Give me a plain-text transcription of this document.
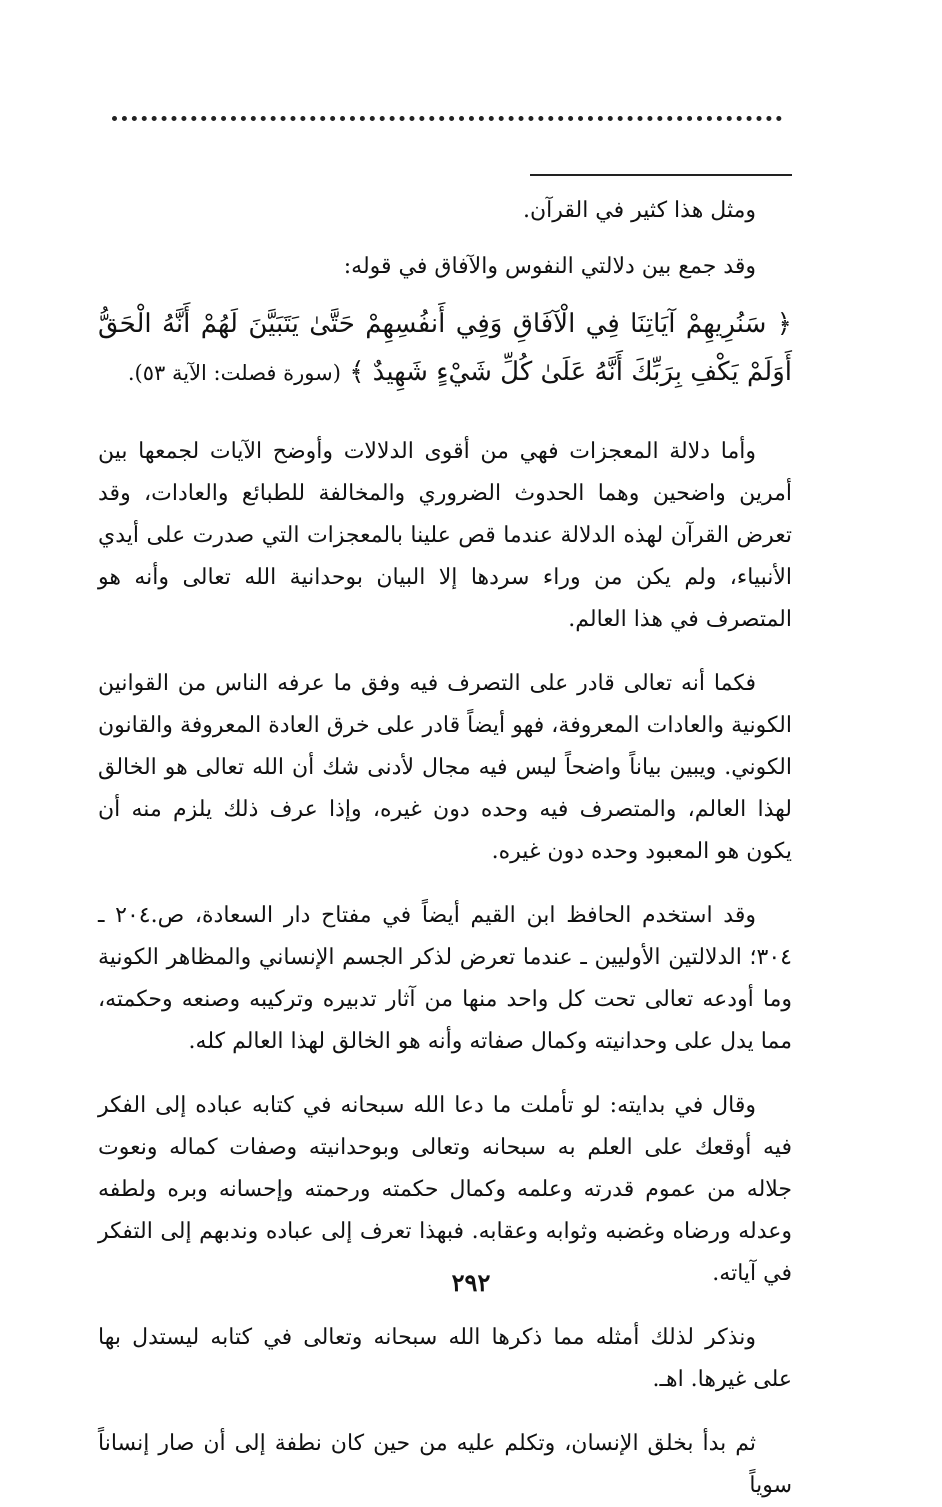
ومثل هذا كثير في القرآن.

وقد جمع بين دلالتي النفوس والآفاق في قوله:

﴿ سَنُرِيهِمْ آيَاتِنَا فِي الْآفَاقِ وَفِي أَنفُسِهِمْ حَتَّىٰ يَتَبَيَّنَ لَهُمْ أَنَّهُ الْحَقُّ أَوَلَمْ يَكْفِ بِرَبِّكَ أَنَّهُ عَلَىٰ كُلِّ شَيْءٍ شَهِيدٌ ﴾ (سورة فصلت: الآية ٥٣).

وأما دلالة المعجزات فهي من أقوى الدلالات وأوضح الآيات لجمعها بين أمرين واضحين وهما الحدوث الضروري والمخالفة للطبائع والعادات، وقد تعرض القرآن لهذه الدلالة عندما قص علينا بالمعجزات التي صدرت على أيدي الأنبياء، ولم يكن من وراء سردها إلا البيان بوحدانية الله تعالى وأنه هو المتصرف في هذا العالم.

فكما أنه تعالى قادر على التصرف فيه وفق ما عرفه الناس من القوانين الكونية والعادات المعروفة، فهو أيضاً قادر على خرق العادة المعروفة والقانون الكوني. ويبين بياناً واضحاً ليس فيه مجال لأدنى شك أن الله تعالى هو الخالق لهذا العالم، والمتصرف فيه وحده دون غيره، وإذا عرف ذلك يلزم منه أن يكون هو المعبود وحده دون غيره.

وقد استخدم الحافظ ابن القيم أيضاً في مفتاح دار السعادة، ص.٢٠٤ ـ ٣٠٤؛ الدلالتين الأوليين ـ عندما تعرض لذكر الجسم الإنساني والمظاهر الكونية وما أودعه تعالى تحت كل واحد منها من آثار تدبيره وتركيبه وصنعه وحكمته، مما يدل على وحدانيته وكمال صفاته وأنه هو الخالق لهذا العالم كله.

وقال في بدايته: لو تأملت ما دعا الله سبحانه في كتابه عباده إلى الفكر فيه أوقعك على العلم به سبحانه وتعالى وبوحدانيته وصفات كماله ونعوت جلاله من عموم قدرته وعلمه وكمال حكمته ورحمته وإحسانه وبره ولطفه وعدله ورضاه وغضبه وثوابه وعقابه. فبهذا تعرف إلى عباده وندبهم إلى التفكر في آياته.

ونذكر لذلك أمثله مما ذكرها الله سبحانه وتعالى في كتابه ليستدل بها على غيرها. اهـ.

ثم بدأ بخلق الإنسان، وتكلم عليه من حين كان نطفة إلى أن صار إنساناً سوياً

٢٩٢
